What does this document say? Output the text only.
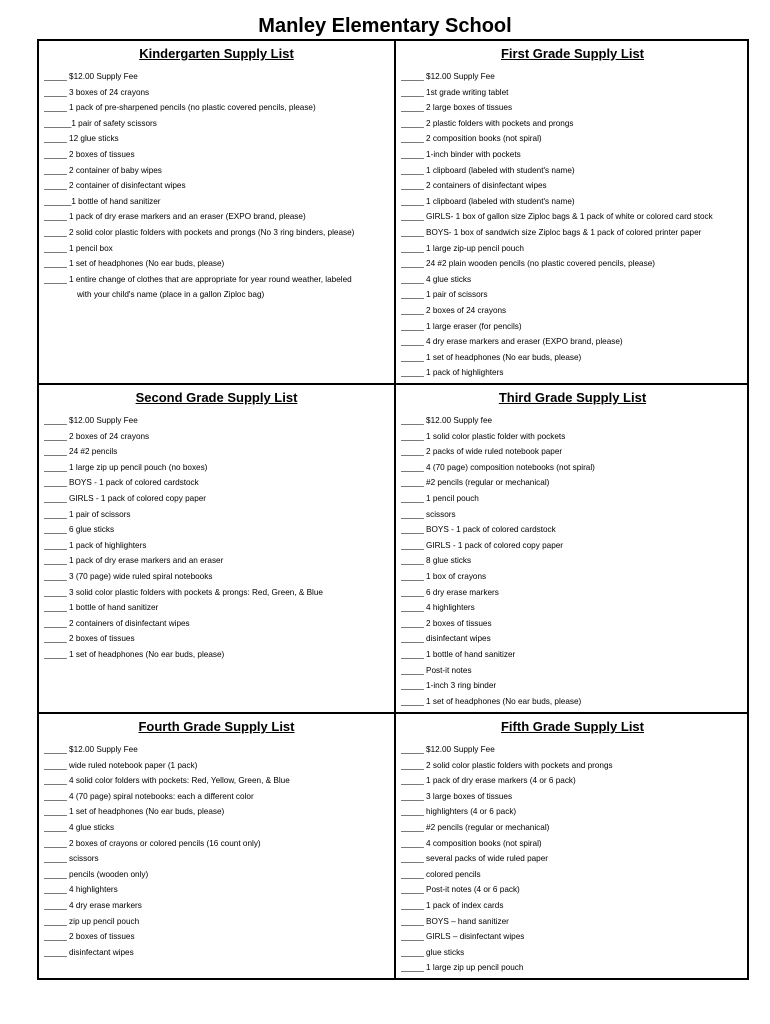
Manley Elementary School
Kindergarten Supply List
_____ $12.00 Supply Fee
_____ 3 boxes of 24 crayons
_____ 1 pack of pre-sharpened pencils (no plastic covered pencils, please)
______1 pair of safety scissors
_____ 12 glue sticks
_____ 2 boxes of tissues
_____ 2 container of baby wipes
_____ 2 container of disinfectant wipes
______1 bottle of hand sanitizer
_____ 1 pack of dry erase markers and an eraser (EXPO brand, please)
_____ 2 solid color plastic folders with pockets and prongs (No 3 ring binders, please)
_____ 1 pencil box
_____ 1 set of headphones (No ear buds, please)
_____ 1 entire change of clothes that are appropriate for year round weather, labeled
with your child's name (place in a gallon Ziploc bag)
First Grade Supply List
_____ $12.00 Supply Fee
_____ 1st grade writing tablet
_____ 2 large boxes of tissues
_____ 2 plastic folders with pockets and prongs
_____ 2 composition books (not spiral)
_____ 1-inch binder with pockets
_____ 1 clipboard (labeled with student's name)
_____ 2 containers of disinfectant wipes
_____ 1 clipboard (labeled with student's name)
_____ GIRLS- 1 box of gallon size Ziploc bags & 1 pack of white or colored card stock
_____ BOYS- 1 box of sandwich size Ziploc bags & 1 pack of colored printer paper
_____ 1 large zip-up pencil pouch
_____ 24 #2 plain wooden pencils (no plastic covered pencils, please)
_____ 4 glue sticks
_____ 1 pair of scissors
_____ 2 boxes of 24 crayons
_____ 1 large eraser (for pencils)
_____ 4 dry erase markers and eraser (EXPO brand, please)
_____ 1 set of headphones (No ear buds, please)
_____ 1 pack of highlighters
Second Grade Supply List
_____ $12.00 Supply Fee
_____ 2 boxes of 24 crayons
_____ 24 #2 pencils
_____ 1 large zip up pencil pouch (no boxes)
_____ BOYS - 1 pack of colored cardstock
_____ GIRLS - 1 pack of colored copy paper
_____ 1 pair of scissors
_____ 6 glue sticks
_____ 1 pack of highlighters
_____ 1 pack of dry erase markers and an eraser
_____ 3 (70 page) wide ruled spiral notebooks
_____ 3 solid color plastic folders with pockets & prongs: Red, Green, & Blue
_____ 1 bottle of hand sanitizer
_____ 2 containers of disinfectant wipes
_____ 2 boxes of tissues
_____ 1 set of headphones (No ear buds, please)
Third Grade Supply List
_____ $12.00 Supply fee
_____ 1 solid color plastic folder with pockets
_____ 2 packs of wide ruled notebook paper
_____ 4 (70 page) composition notebooks (not spiral)
_____ #2 pencils (regular or mechanical)
_____ 1 pencil pouch
_____ scissors
_____ BOYS - 1 pack of colored cardstock
_____ GIRLS - 1 pack of colored copy paper
_____ 8 glue sticks
_____ 1 box of crayons
_____ 6 dry erase markers
_____ 4 highlighters
_____ 2 boxes of tissues
_____ disinfectant wipes
_____ 1 bottle of hand sanitizer
_____ Post-it notes
_____ 1-inch 3 ring binder
_____ 1 set of headphones (No ear buds, please)
Fourth Grade Supply List
_____ $12.00 Supply Fee
_____ wide ruled notebook paper (1 pack)
_____ 4 solid color folders with pockets: Red, Yellow, Green, & Blue
_____ 4 (70 page) spiral notebooks: each a different color
_____ 1 set of headphones (No ear buds, please)
_____ 4 glue sticks
_____ 2 boxes of crayons or colored pencils (16 count only)
_____ scissors
_____ pencils (wooden only)
_____ 4 highlighters
_____ 4 dry erase markers
_____ zip up pencil pouch
_____ 2 boxes of tissues
_____ disinfectant wipes
Fifth Grade Supply List
_____ $12.00 Supply Fee
_____ 2 solid color plastic folders with pockets and prongs
_____ 1 pack of dry erase markers (4 or 6 pack)
_____ 3 large boxes of tissues
_____ highlighters (4 or 6 pack)
_____ #2 pencils (regular or mechanical)
_____ 4 composition books (not spiral)
_____ several packs of wide ruled paper
_____ colored pencils
_____ Post-it notes (4 or 6 pack)
_____ 1 pack of index cards
_____ BOYS – hand sanitizer
_____ GIRLS – disinfectant wipes
_____ glue sticks
_____ 1 large zip up pencil pouch
